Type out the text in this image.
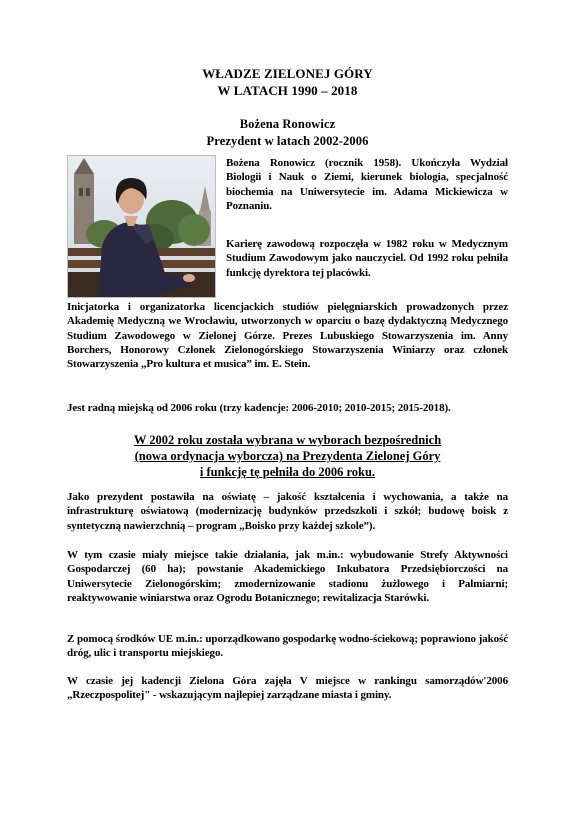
WŁADZE ZIELONEJ GÓRY
W LATACH 1990 – 2018
Bożena Ronowicz
Prezydent w latach 2002-2006
Bożena Ronowicz (rocznik 1958). Ukończyła Wydział Biologii i Nauk o Ziemi, kierunek biologia, specjalność biochemia na Uniwersytecie im. Adama Mickiewicza w Poznaniu.
Karierę zawodową rozpoczęła w 1982 roku w Medycznym Studium Zawodowym jako nauczyciel. Od 1992 roku pełniła funkcję dyrektora tej placówki.
Inicjatorka i organizatorka licencjackich studiów pielęgniarskich prowadzonych przez Akademię Medyczną we Wrocławiu, utworzonych w oparciu o bazę dydaktyczną Medycznego Studium Zawodowego w Zielonej Górze. Prezes Lubuskiego Stowarzyszenia im. Anny Borchers, Honorowy Członek Zielonogórskiego Stowarzyszenia Winiarzy oraz członek Stowarzyszenia „Pro kultura et musica” im. E. Stein.
Jest radną miejską od 2006 roku (trzy kadencje: 2006-2010; 2010-2015; 2015-2018).
W 2002 roku została wybrana w wyborach bezpośrednich
(nowa ordynacja wyborcza) na Prezydenta Zielonej Góry
i funkcję tę pełniła do 2006 roku.
Jako prezydent postawiła na oświatę – jakość kształcenia i wychowania, a także na infrastrukturę oświatową (modernizację budynków przedszkoli i szkół; budowę boisk z syntetyczną nawierzchnią – program „Boisko przy każdej szkole”).
W tym czasie miały miejsce takie działania, jak m.in.: wybudowanie Strefy Aktywności Gospodarczej (60 ha); powstanie Akademickiego Inkubatora Przedsiębiorczości na Uniwersytecie Zielonogórskim; zmodernizowanie stadionu żużlowego i Palmiarni; reaktywowanie winiarstwa oraz Ogrodu Botanicznego; rewitalizacja Starówki.
Z pomocą środków UE m.in.: uporządkowano gospodarkę wodno-ściekową; poprawiono jakość dróg, ulic i transportu miejskiego.
W czasie jej kadencji Zielona Góra zajęła V miejsce w rankingu samorządów'2006 „Rzeczpospolitej" - wskazującym najlepiej zarządzane miasta i gminy.
